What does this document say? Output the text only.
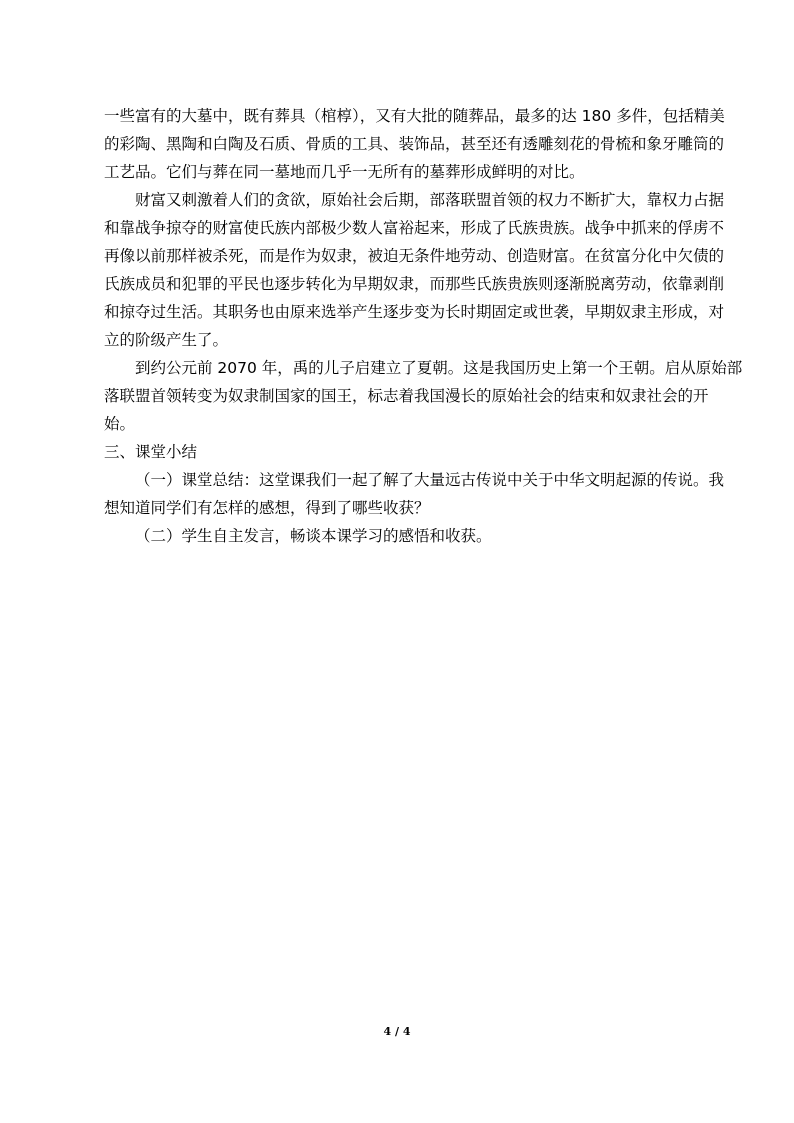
一些富有的大墓中，既有葬具（棺椁），又有大批的随葬品，最多的达 180 多件，包括精美
的彩陶、黑陶和白陶及石质、骨质的工具、装饰品，甚至还有透雕刻花的骨梳和象牙雕筒的
工艺品。它们与葬在同一墓地而几乎一无所有的墓葬形成鲜明的对比。
财富又刺激着人们的贪欲，原始社会后期，部落联盟首领的权力不断扩大，靠权力占据
和靠战争掠夺的财富使氏族内部极少数人富裕起来，形成了氏族贵族。战争中抓来的俘虏不
再像以前那样被杀死，而是作为奴隶，被迫无条件地劳动、创造财富。在贫富分化中欠债的
氏族成员和犯罪的平民也逐步转化为早期奴隶，而那些氏族贵族则逐渐脱离劳动，依靠剥削
和掠夺过生活。其职务也由原来选举产生逐步变为长时期固定或世袭，早期奴隶主形成，对
立的阶级产生了。
到约公元前 2070 年，禹的儿子启建立了夏朝。这是我国历史上第一个王朝。启从原始部
落联盟首领转变为奴隶制国家的国王，标志着我国漫长的原始社会的结束和奴隶社会的开
始。
三、课堂小结
（一）课堂总结：这堂课我们一起了解了大量远古传说中关于中华文明起源的传说。我
想知道同学们有怎样的感想，得到了哪些收获？
（二）学生自主发言，畅谈本课学习的感悟和收获。
4 / 4
